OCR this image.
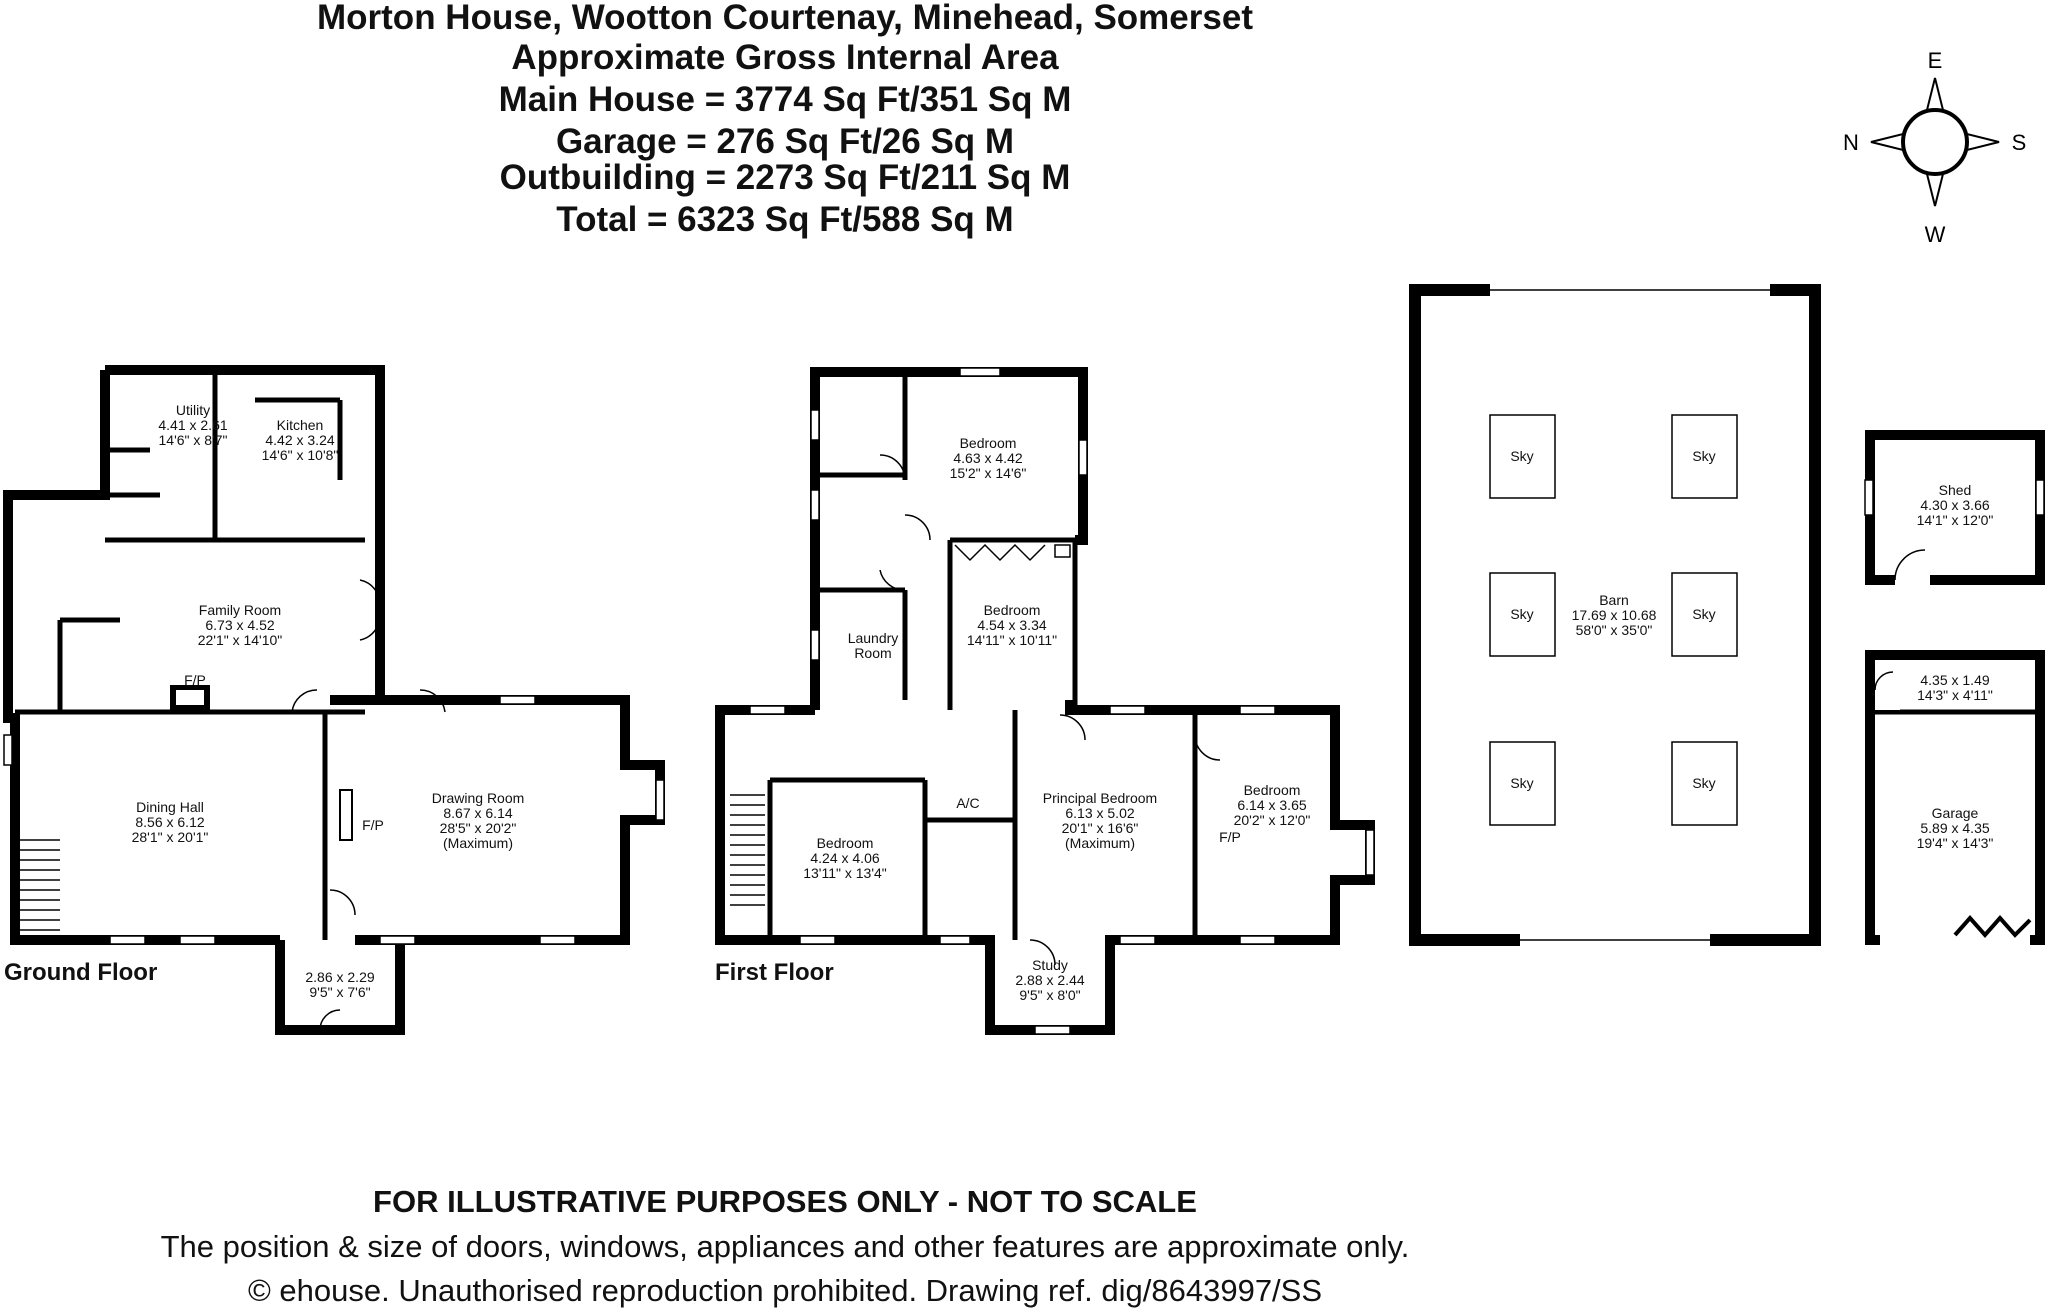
Morton House, Wootton Courtenay, Minehead, Somerset
Approximate Gross Internal Area
Main House = 3774 Sq Ft/351 Sq M
Garage = 276 Sq Ft/26 Sq M
Outbuilding = 2273 Sq Ft/211 Sq M
Total = 6323 Sq Ft/588 Sq M
E
W
N	S
Utility
4.41 x 2.61
14'6" x 8'7"
Kitchen
4.42 x 3.24
14'6" x 10'8"
Family Room
6.73 x 4.52
22'1" x 14'10"
F/P
Dining Hall
8.56 x 6.12
28'1" x 20'1"
Drawing Room
8.67 x 6.14
28'5" x 20'2"
(Maximum)
F/P
2.86 x 2.29
9'5" x 7'6"
Ground Floor
Bedroom
4.63 x 4.42
15'2" x 14'6"
Bedroom
4.54 x 3.34
14'11" x 10'11"
Laundry
Room
Bedroom
4.24 x 4.06
13'11" x 13'4"
A/C	Principal Bedroom
6.13 x 5.02
20'1" x 16'6"
(Maximum)
Bedroom
6.14 x 3.65
20'2" x 12'0"
F/P
Study
2.88 x 2.44
9'5" x 8'0"
First Floor
Sky	Sky
Sky	Sky
Sky	Sky
Barn
17.69 x 10.68
58'0" x 35'0"
Shed
4.30 x 3.66
14'1" x 12'0"
4.35 x 1.49
14'3" x 4'11"
Garage
5.89 x 4.35
19'4" x 14'3"
FOR ILLUSTRATIVE PURPOSES ONLY - NOT TO SCALE
The position & size of doors, windows, appliances and other features are approximate only.
© ehouse. Unauthorised reproduction prohibited. Drawing ref. dig/8643997/SS
